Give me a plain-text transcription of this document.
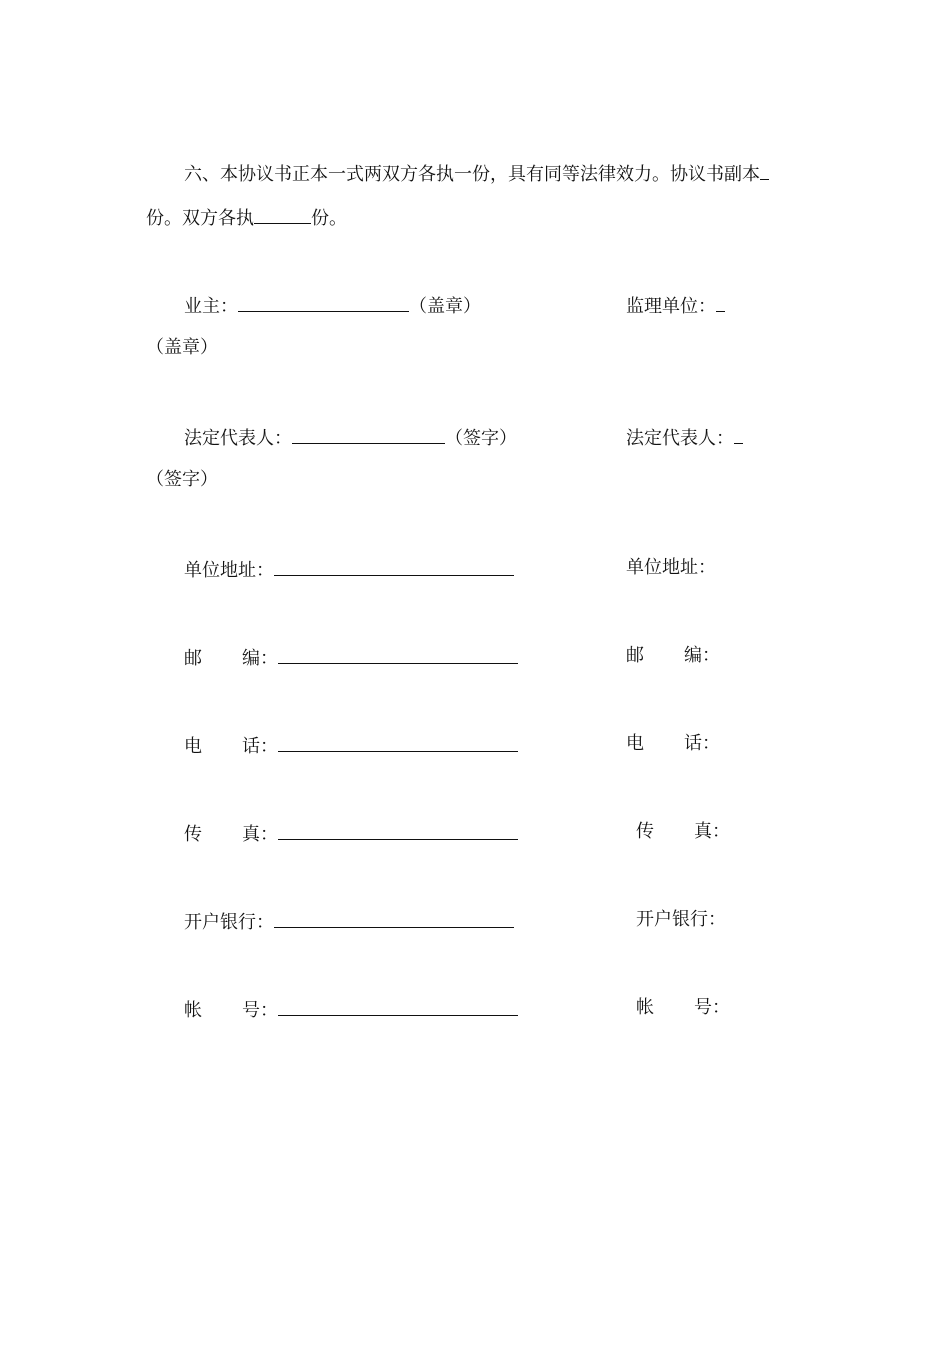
六、本协议书正本一式两双方各执一份，具有同等法律效力。协议书副本
份。双方各执	份。
业主：	（盖章）	监理单位：
（盖章）
法定代表人：	（签字）	法定代表人：
（签字）
单位地址：	单位地址：
邮 编：	邮 编：
电 话：	电 话：
传 真：	传 真：
开户银行：	开户银行：
帐 号：	帐 号：
